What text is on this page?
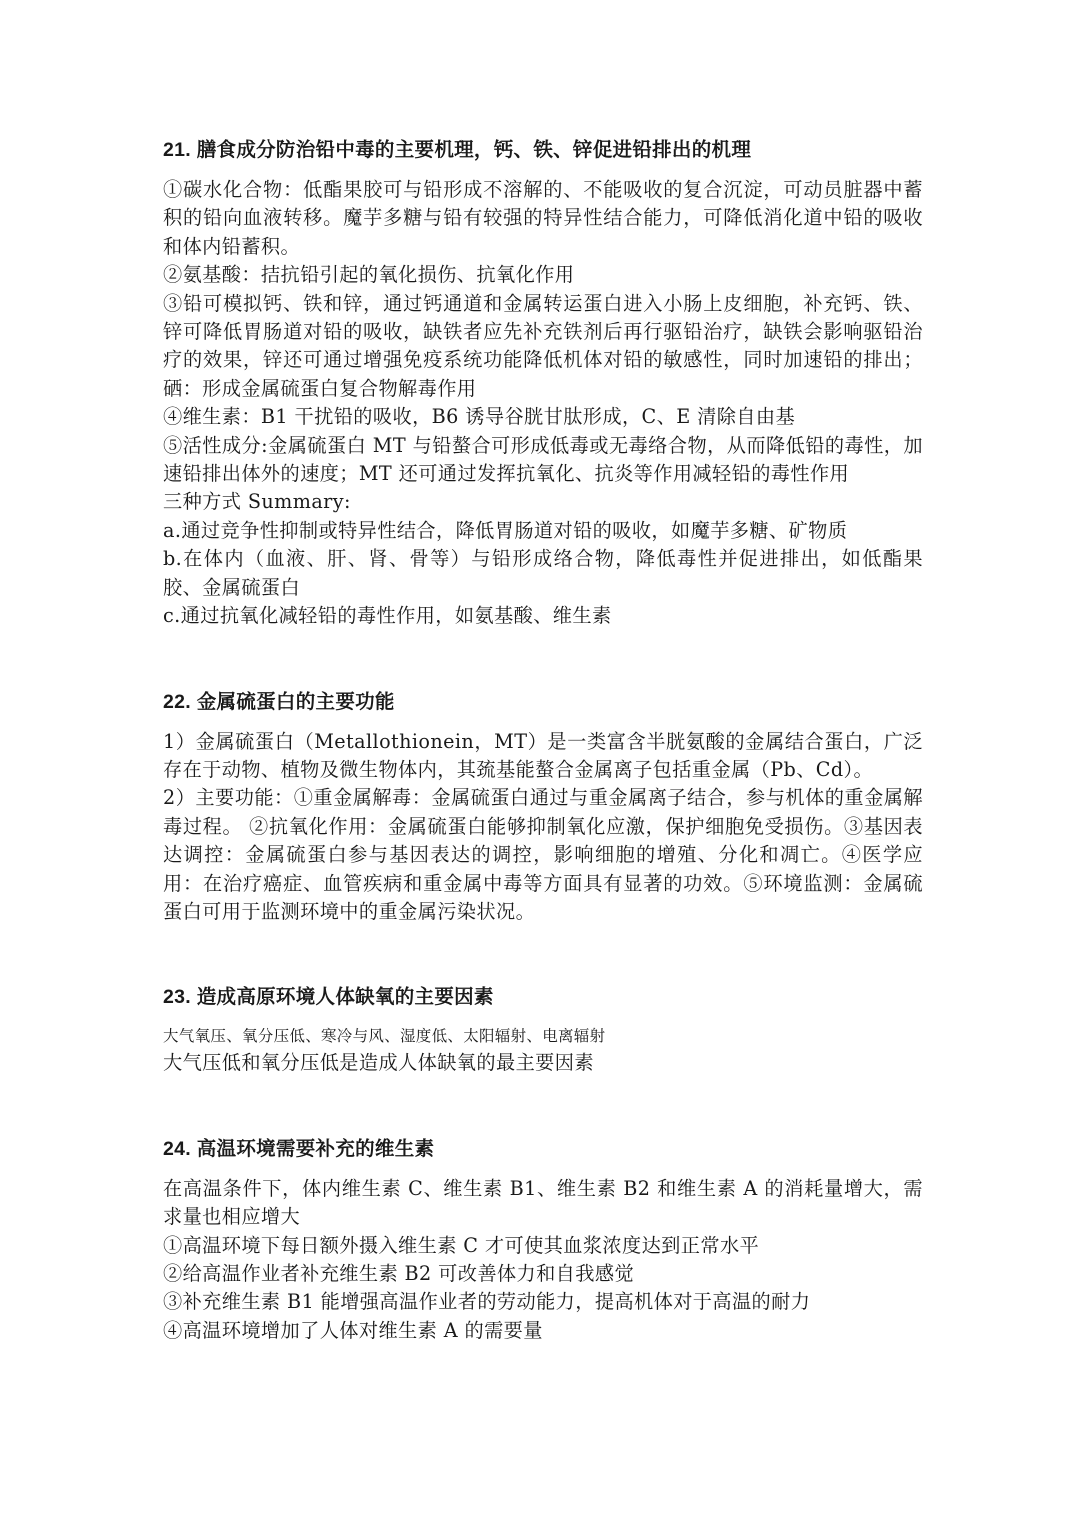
21. 膳食成分防治铅中毒的主要机理，钙、铁、锌促进铅排出的机理

①碳水化合物：低酯果胶可与铅形成不溶解的、不能吸收的复合沉淀，可动员脏器中蓄积的铅向血液转移。魔芋多糖与铅有较强的特异性结合能力，可降低消化道中铅的吸收和体内铅蓄积。

②氨基酸：拮抗铅引起的氧化损伤、抗氧化作用

③铅可模拟钙、铁和锌，通过钙通道和金属转运蛋白进入小肠上皮细胞，补充钙、铁、锌可降低胃肠道对铅的吸收，缺铁者应先补充铁剂后再行驱铅治疗，缺铁会影响驱铅治疗的效果，锌还可通过增强免疫系统功能降低机体对铅的敏感性，同时加速铅的排出；硒：形成金属硫蛋白复合物解毒作用

④维生素：B1 干扰铅的吸收，B6 诱导谷胱甘肽形成，C、E 清除自由基

⑤活性成分:金属硫蛋白 MT 与铅螯合可形成低毒或无毒络合物，从而降低铅的毒性，加速铅排出体外的速度；MT 还可通过发挥抗氧化、抗炎等作用减轻铅的毒性作用

三种方式 Summary:

a.通过竞争性抑制或特异性结合，降低胃肠道对铅的吸收，如魔芋多糖、矿物质

b.在体内（血液、肝、肾、骨等）与铅形成络合物，降低毒性并促进排出，如低酯果胶、金属硫蛋白

c.通过抗氧化减轻铅的毒性作用，如氨基酸、维生素

22. 金属硫蛋白的主要功能

1）金属硫蛋白（Metallothionein，MT）是一类富含半胱氨酸的金属结合蛋白，广泛存在于动物、植物及微生物体内，其巯基能螯合金属离子包括重金属（Pb、Cd）。

2）主要功能：①重金属解毒：金属硫蛋白通过与重金属离子结合，参与机体的重金属解毒过程。 ②抗氧化作用：金属硫蛋白能够抑制氧化应激，保护细胞免受损伤。③基因表达调控：金属硫蛋白参与基因表达的调控，影响细胞的增殖、分化和凋亡。④医学应用：在治疗癌症、血管疾病和重金属中毒等方面具有显著的功效。⑤环境监测：金属硫蛋白可用于监测环境中的重金属污染状况。

23. 造成高原环境人体缺氧的主要因素

大气氧压、氧分压低、寒冷与风、湿度低、太阳辐射、电离辐射

大气压低和氧分压低是造成人体缺氧的最主要因素

24. 高温环境需要补充的维生素

在高温条件下，体内维生素 C、维生素 B1、维生素 B2 和维生素 A 的消耗量增大，需求量也相应增大

①高温环境下每日额外摄入维生素 C 才可使其血浆浓度达到正常水平

②给高温作业者补充维生素 B2 可改善体力和自我感觉

③补充维生素 B1 能增强高温作业者的劳动能力，提高机体对于高温的耐力

④高温环境增加了人体对维生素 A 的需要量
